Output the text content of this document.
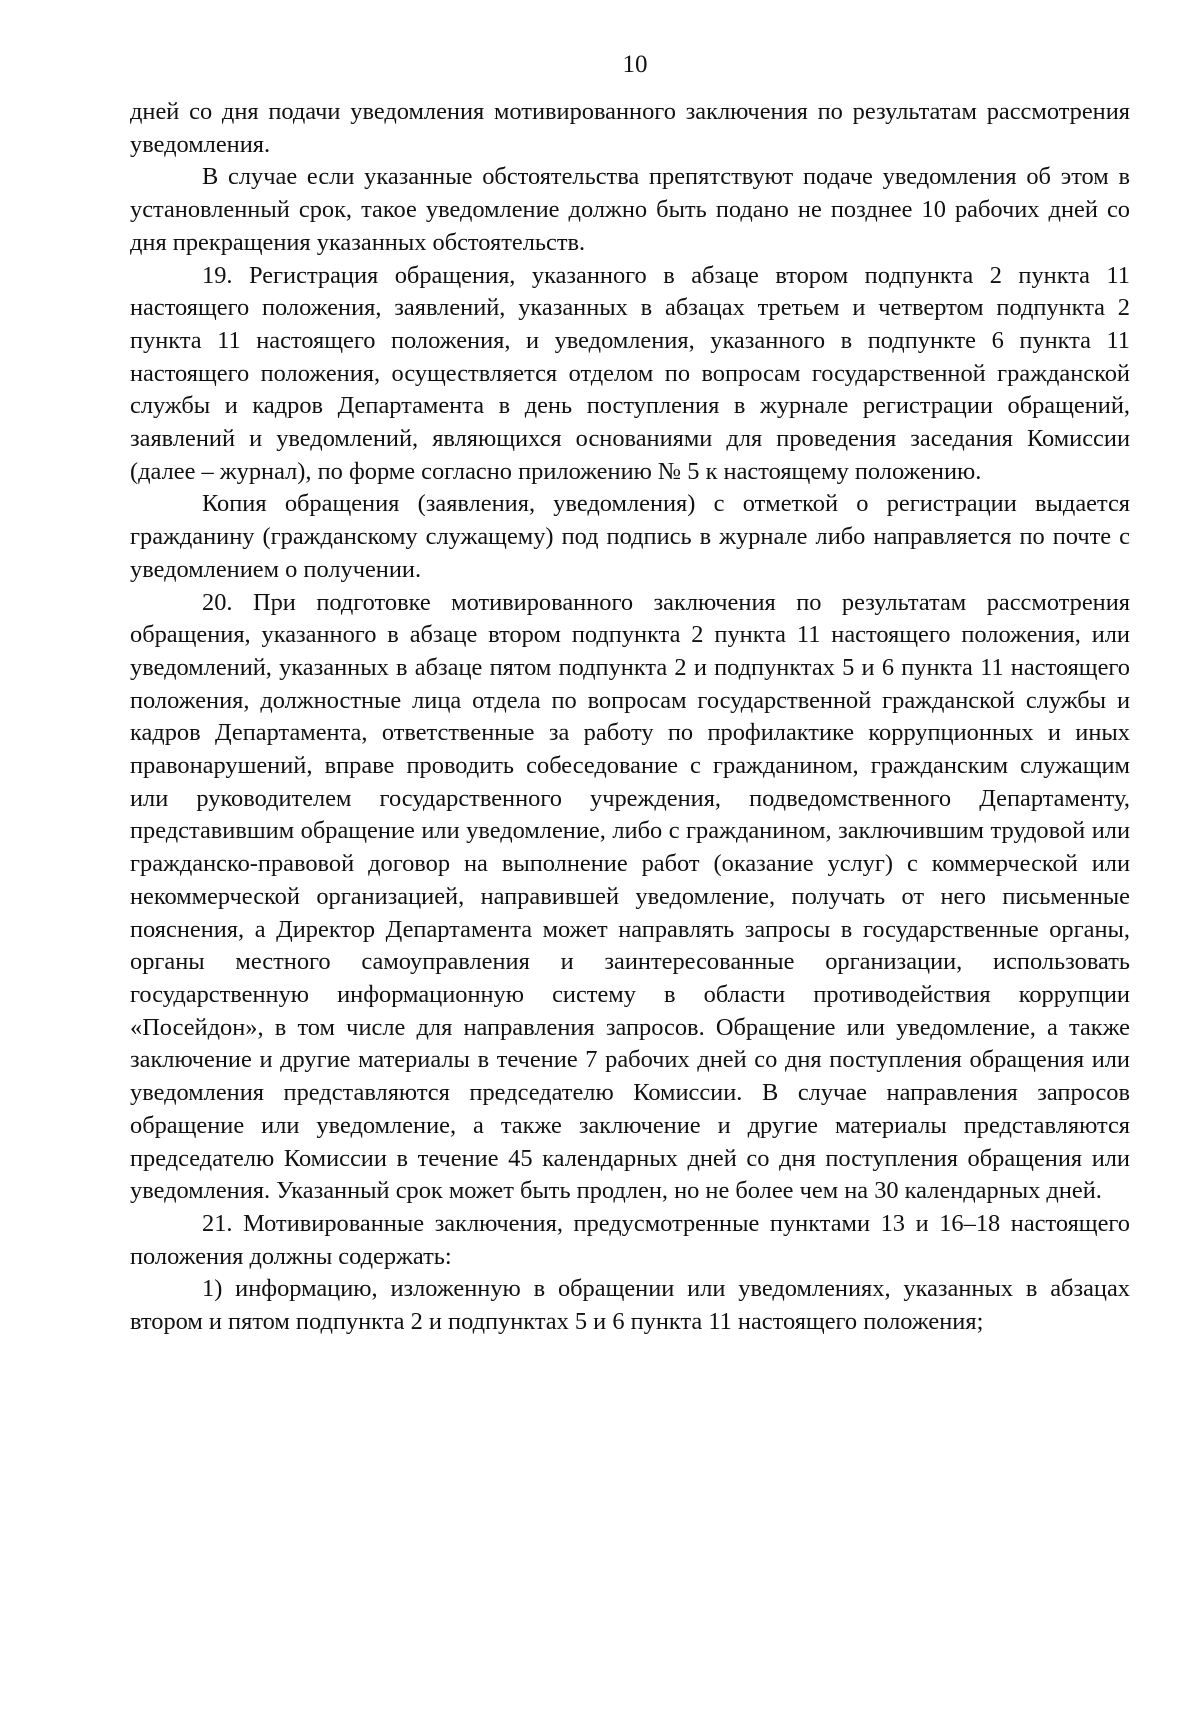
10

дней со дня подачи уведомления мотивированного заключения по результатам рассмотрения уведомления.

В случае если указанные обстоятельства препятствуют подаче уведомления об этом в установленный срок, такое уведомление должно быть подано не позднее 10 рабочих дней со дня прекращения указанных обстоятельств.

19. Регистрация обращения, указанного в абзаце втором подпункта 2 пункта 11 настоящего положения, заявлений, указанных в абзацах третьем и четвертом подпункта 2 пункта 11 настоящего положения, и уведомления, указанного в подпункте 6 пункта 11 настоящего положения, осуществляется отделом по вопросам государственной гражданской службы и кадров Департамента в день поступления в журнале регистрации обращений, заявлений и уведомлений, являющихся основаниями для проведения заседания Комиссии (далее – журнал), по форме согласно приложению № 5 к настоящему положению.

Копия обращения (заявления, уведомления) с отметкой о регистрации выдается гражданину (гражданскому служащему) под подпись в журнале либо направляется по почте с уведомлением о получении.

20. При подготовке мотивированного заключения по результатам рассмотрения обращения, указанного в абзаце втором подпункта 2 пункта 11 настоящего положения, или уведомлений, указанных в абзаце пятом подпункта 2 и подпунктах 5 и 6 пункта 11 настоящего положения, должностные лица отдела по вопросам государственной гражданской службы и кадров Департамента, ответственные за работу по профилактике коррупционных и иных правонарушений, вправе проводить собеседование с гражданином, гражданским служащим или руководителем государственного учреждения, подведомственного Департаменту, представившим обращение или уведомление, либо с гражданином, заключившим трудовой или гражданско-правовой договор на выполнение работ (оказание услуг) с коммерческой или некоммерческой организацией, направившей уведомление, получать от него письменные пояснения, а Директор Департамента может направлять запросы в государственные органы, органы местного самоуправления и заинтересованные организации, использовать государственную информационную систему в области противодействия коррупции «Посейдон», в том числе для направления запросов. Обращение или уведомление, а также заключение и другие материалы в течение 7 рабочих дней со дня поступления обращения или уведомления представляются председателю Комиссии. В случае направления запросов обращение или уведомление, а также заключение и другие материалы представляются председателю Комиссии в течение 45 календарных дней со дня поступления обращения или уведомления. Указанный срок может быть продлен, но не более чем на 30 календарных дней.

21. Мотивированные заключения, предусмотренные пунктами 13 и 16–18 настоящего положения должны содержать:

1) информацию, изложенную в обращении или уведомлениях, указанных в абзацах втором и пятом подпункта 2 и подпунктах 5 и 6 пункта 11 настоящего положения;
